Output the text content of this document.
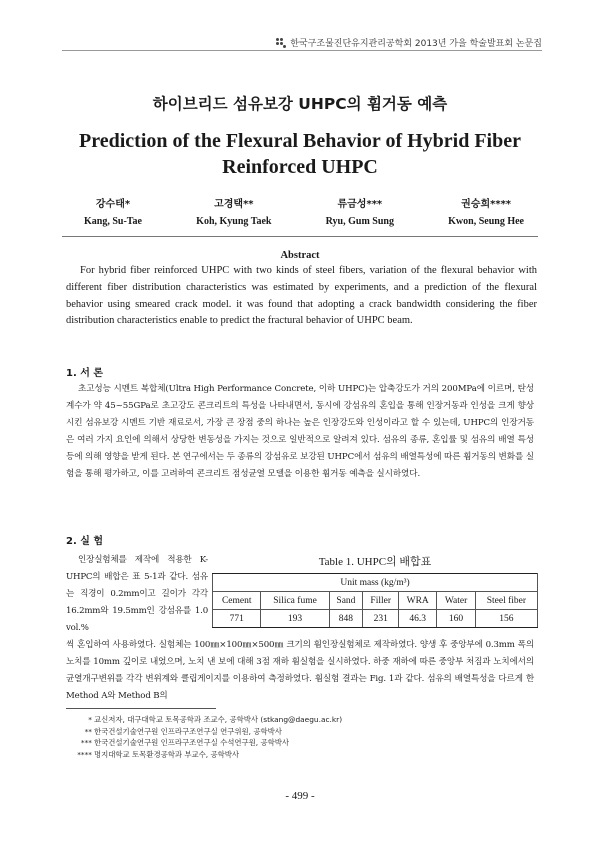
한국구조물진단유지관리공학회 2013년 가을 학술발표회 논문집
하이브리드 섬유보강 UHPC의 휨거동 예측
Prediction of the Flexural Behavior of Hybrid Fiber
Reinforced UHPC
강수태*
Kang, Su-Tae
고경택**
Koh, Kyung Taek
류금성***
Ryu, Gum Sung
권승희****
Kwon, Seung Hee
Abstract

For hybrid fiber reinforced UHPC with two kinds of steel fibers, variation of the flexural behavior with different fiber distribution characteristics was estimated by experiments, and a prediction of the flexural behavior using smeared crack model. it was found that adopting a crack bandwidth considering the fiber distribution characteristics enable to predict the fractural behavior of UHPC beam.

1. 서 론

초고성능 시멘트 복합체(Ultra High Performance Concrete, 이하 UHPC)는 압축강도가 거의 200MPa에 이르며, 탄성계수가 약 45~55GPa로 초고강도 콘크리트의 특성을 나타내면서, 동시에 강섬유의 혼입을 통해 인장거동과 인성을 크게 향상시킨 섬유보강 시멘트 기반 재료로서, 가장 큰 장점 중의 하나는 높은 인장강도와 인성이라고 할 수 있는데, UHPC의 인장거동은 여러 가지 요인에 의해서 상당한 변동성을 가지는 것으로 일반적으로 알려져 있다. 섬유의 종류, 혼입률 및 섬유의 배열 특성 등에 의해 영향을 받게 된다. 본 연구에서는 두 종류의 강섬유로 보강된 UHPC에서 섬유의 배열특성에 따른 휨거동의 변화를 실험을 통해 평가하고, 이를 고려하여 콘크리트 점성균열 모델을 이용한 휨거동 예측을 실시하였다.

2. 실 험

인장실험체를 제작에 적용한 K-UHPC의 배합은 표 5-1과 같다. 섬유는 직경이 0.2mm이고 길이가 각각 16.2mm와 19.5mm인 강섬유를 1.0 vol.%

Table 1. UHPC의 배합표
Unit mass (kg/m³)						
Cement	Silica fume	Sand	Filler	WRA	Water	Steel fiber
771	193	848	231	46.3	160	156

씩 혼입하여 사용하였다. 실험체는 100㎜×100㎜×500㎜ 크기의 휨인장실험체로 제작하였다. 양생 후 중앙부에 0.3mm 폭의 노치를 10mm 깊이로 내었으며, 노치 낸 보에 대해 3점 재하 휨실험을 실시하였다. 하중 재하에 따른 중앙부 처짐과 노치에서의 균열개구변위를 각각 변위계와 클립게이지를 이용하여 측정하였다. 휨실험 결과는 Fig. 1과 같다. 섬유의 배열특성을 다르게 한 Method A와 Method B의

* 교신저자, 대구대학교 토목공학과 조교수, 공학박사 (stkang@daegu.ac.kr)
** 한국건설기술연구원 인프라구조연구실 연구위원, 공학박사
*** 한국건설기술연구원 인프라구조연구실 수석연구원, 공학박사
**** 명지대학교 토목환경공학과 부교수, 공학박사
- 499 -
